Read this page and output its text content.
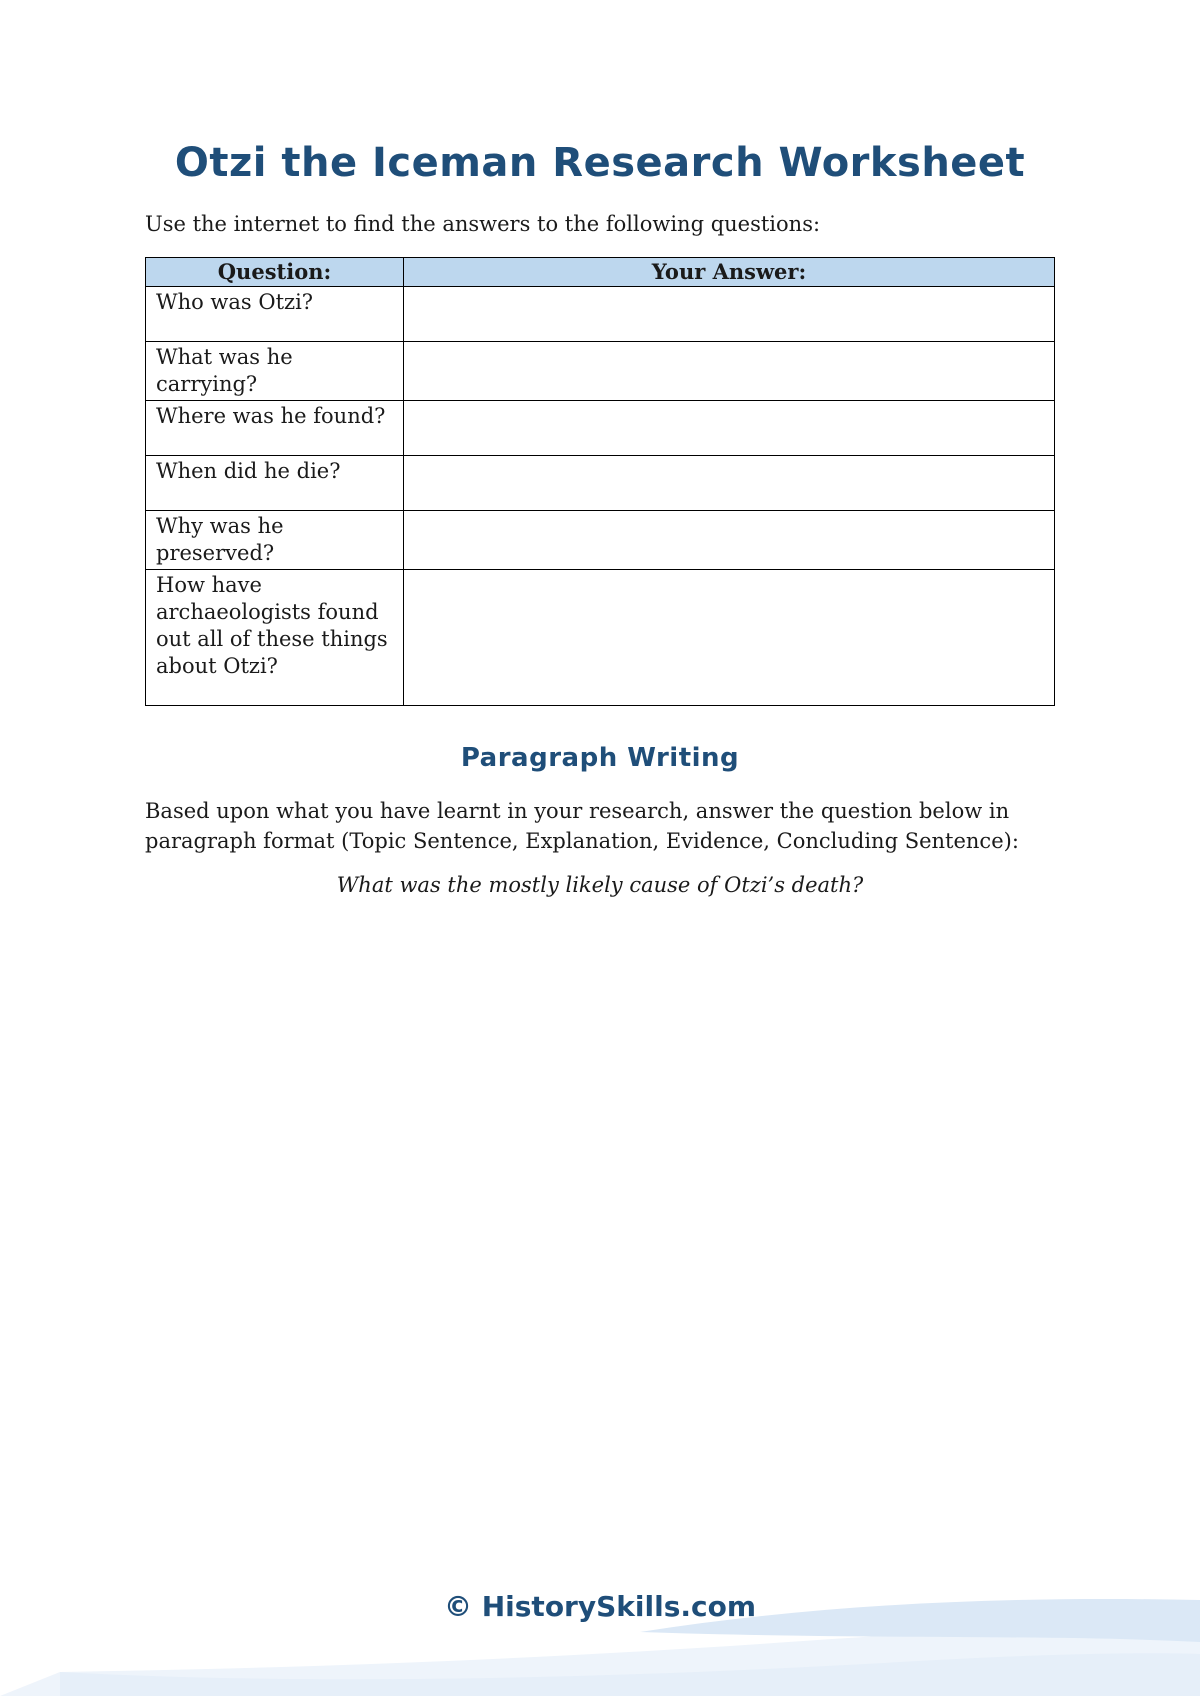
Otzi the Iceman Research Worksheet

Use the internet to find the answers to the following questions:

Question:	Your Answer:
Who was Otzi?	
What was he carrying?	
Where was he found?	
When did he die?	
Why was he preserved?	
How have archaeologists found out all of these things about Otzi?	
Paragraph Writing

Based upon what you have learnt in your research, answer the question below in paragraph format (Topic Sentence, Explanation, Evidence, Concluding Sentence):

What was the mostly likely cause of Otzi’s death?

© HistorySkills.com
